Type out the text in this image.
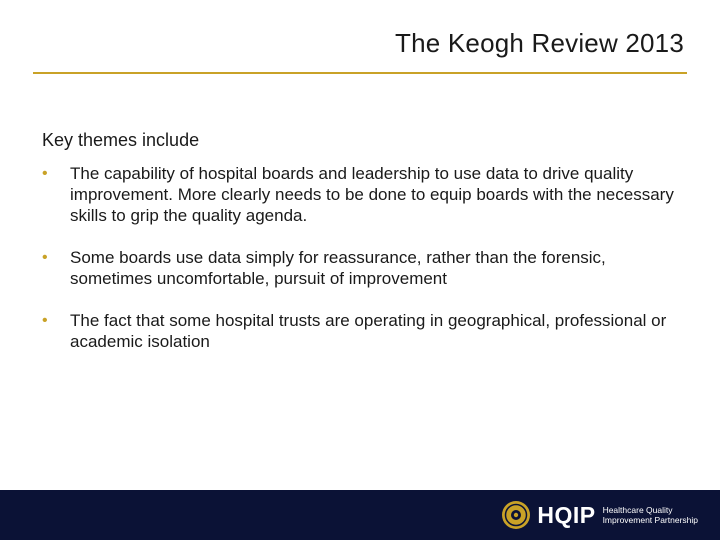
The Keogh Review 2013
Key themes include
• The capability of hospital boards and leadership to use data to drive quality improvement. More clearly needs to be done to equip boards with the necessary skills to grip the quality agenda.
• Some boards use data simply for reassurance, rather than the forensic, sometimes uncomfortable, pursuit of improvement
• The fact that some hospital trusts are operating in geographical, professional or academic isolation
HQIP Healthcare Quality
Improvement Partnership
